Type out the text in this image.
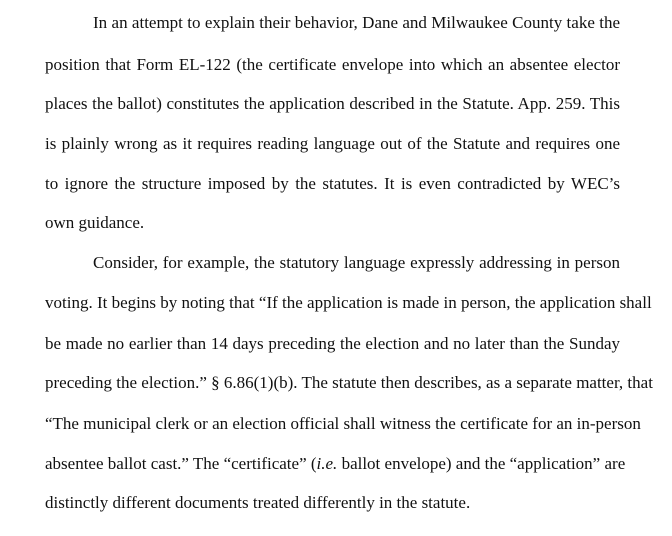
In an attempt to explain their behavior, Dane and Milwaukee County take the
position that Form EL-122 (the certificate envelope into which an absentee elector
places the ballot) constitutes the application described in the Statute. App. 259. This
is plainly wrong as it requires reading language out of the Statute and requires one
to ignore the structure imposed by the statutes. It is even contradicted by WEC’s
own guidance.
Consider, for example, the statutory language expressly addressing in person
voting. It begins by noting that “If the application is made in person, the application shall
be made no earlier than 14 days preceding the election and no later than the Sunday
preceding the election.” § 6.86(1)(b). The statute then describes, as a separate matter, that
“The municipal clerk or an election official shall witness the certificate for an in-person
absentee ballot cast.” The “certificate” (i.e. ballot envelope) and the “application” are
distinctly different documents treated differently in the statute.
